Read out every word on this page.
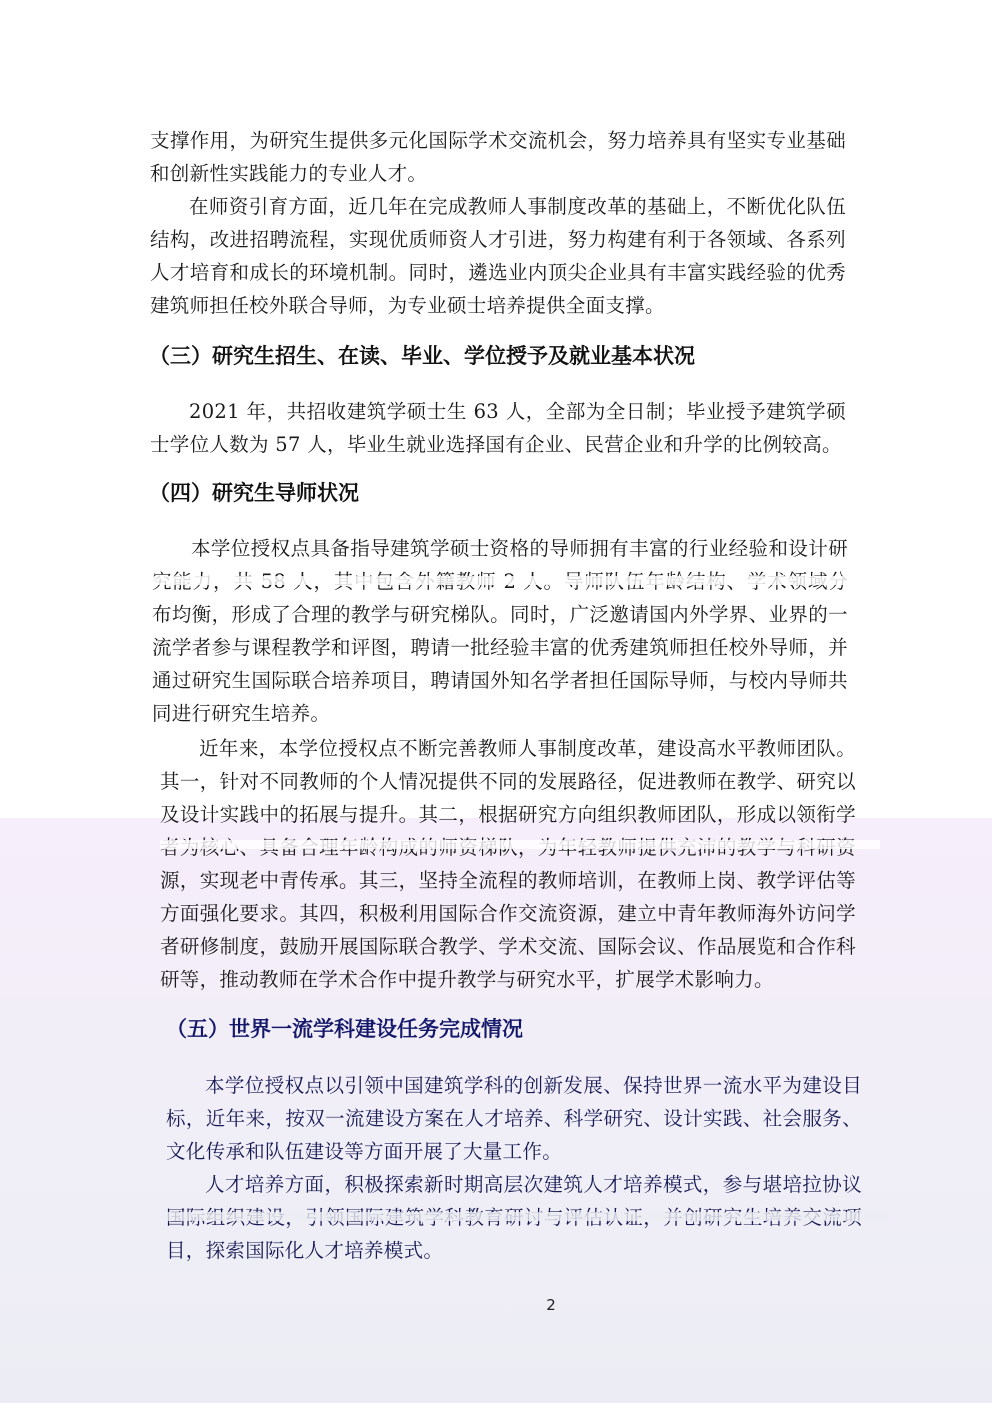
支撑作用，为研究生提供多元化国际学术交流机会，努力培养具有坚实专业基础和创新性实践能力的专业人才。

在师资引育方面，近几年在完成教师人事制度改革的基础上，不断优化队伍结构，改进招聘流程，实现优质师资人才引进，努力构建有利于各领域、各系列人才培育和成长的环境机制。同时，遴选业内顶尖企业具有丰富实践经验的优秀建筑师担任校外联合导师，为专业硕士培养提供全面支撑。

（三）研究生招生、在读、毕业、学位授予及就业基本状况

2021 年，共招收建筑学硕士生 63 人，全部为全日制；毕业授予建筑学硕士学位人数为 57 人，毕业生就业选择国有企业、民营企业和升学的比例较高。

（四）研究生导师状况

本学位授权点具备指导建筑学硕士资格的导师拥有丰富的行业经验和设计研 布均衡，形成了合理的教学与研究梯队。同时，广泛邀请国内外学界、业界的一流学者参与课程教学和评图，聘请一批经验丰富的优秀建筑师担任校外导师，并通过研究生国际联合培养项目，聘请国外知名学者担任国际导师，与校内导师共同进行研究生培养。

近年来，本学位授权点不断完善教师人事制度改革，建设高水平教师团队。其一，针对不同教师的个人情况提供不同的发展路径，促进教师在教学、研究以及设计实践中的拓展与提升。其二，根据研究方向组织教师团队，形成以领衔学 源，实现老中青传承。其三，坚持全流程的教师培训，在教师上岗、教学评估等方面强化要求。其四，积极利用国际合作交流资源，建立中青年教师海外访问学者研修制度，鼓励开展国际联合教学、学术交流、国际会议、作品展览和合作科研等，推动教师在学术合作中提升教学与研究水平，扩展学术影响力。

（五）世界一流学科建设任务完成情况

本学位授权点以引领中国建筑学科的创新发展、保持世界一流水平为建设目标，近年来，按双一流建设方案在人才培养、科学研究、设计实践、社会服务、文化传承和队伍建设等方面开展了大量工作。

人才培养方面，积极探索新时期高层次建筑人才培养模式，参与堪培拉协议 目，探索国际化人才培养模式。

2
